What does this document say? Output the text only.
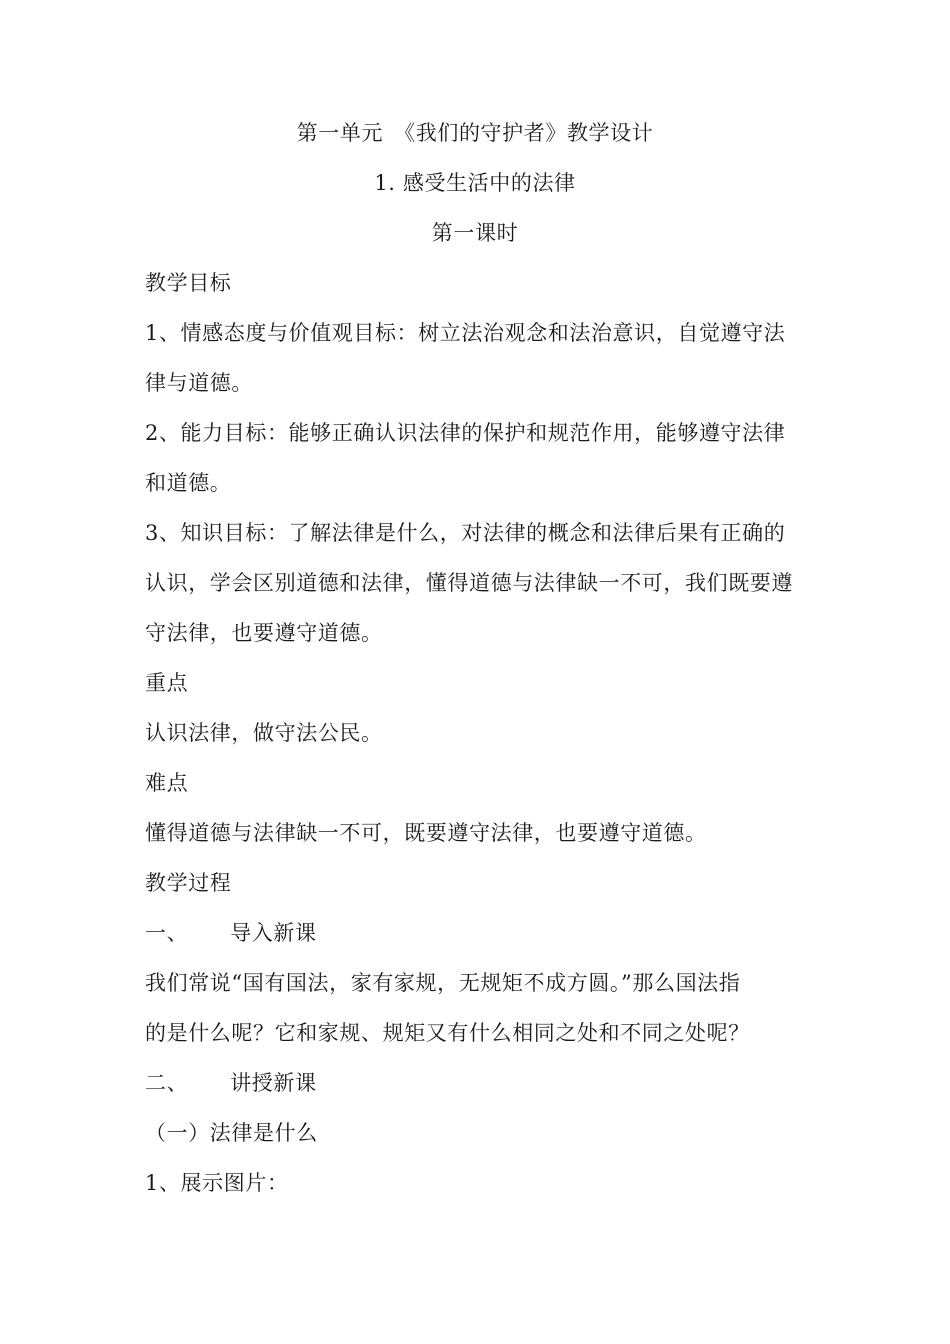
第一单元　《我们的守护者》教学设计
1. 感受生活中的法律
第一课时
教学目标
1、情感态度与价值观目标：树立法治观念和法治意识，自觉遵守法
律与道德。
2、能力目标：能够正确认识法律的保护和规范作用，能够遵守法律
和道德。
3、知识目标：了解法律是什么，对法律的概念和法律后果有正确的
认识，学会区别道德和法律，懂得道德与法律缺一不可，我们既要遵
守法律，也要遵守道德。
重点
认识法律，做守法公民。
难点
懂得道德与法律缺一不可，既要遵守法律，也要遵守道德。
教学过程
一、 导入新课
我们常说“国有国法，家有家规，无规矩不成方圆。”那么国法指
的是什么呢？它和家规、规矩又有什么相同之处和不同之处呢？
二、 讲授新课
（一）法律是什么
1、展示图片：
